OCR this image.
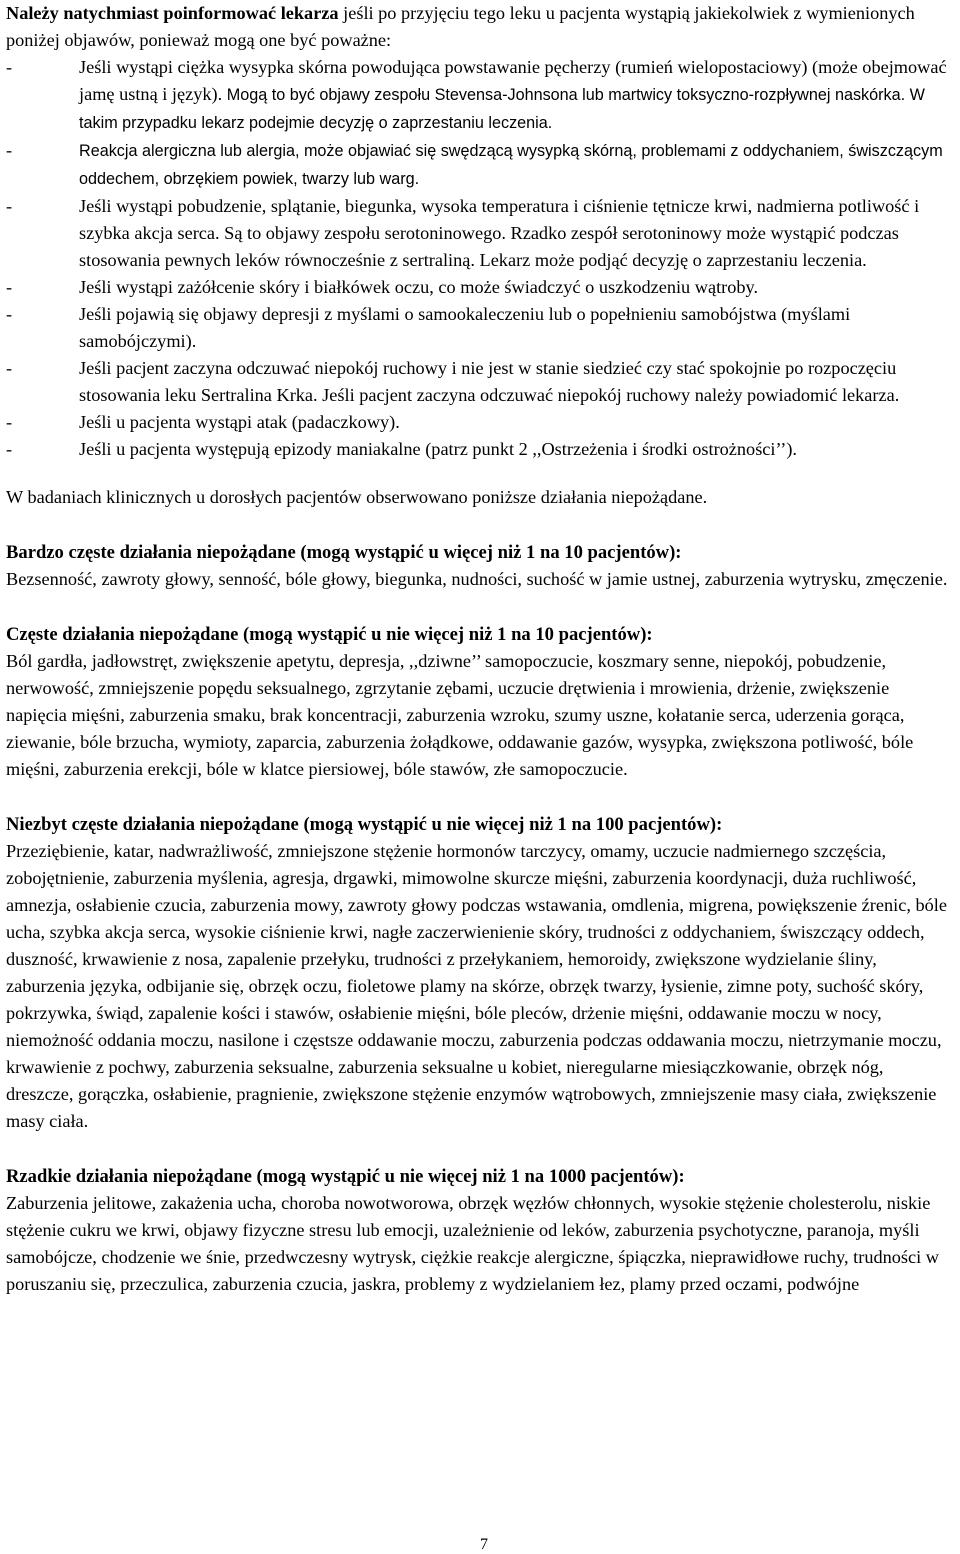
Należy natychmiast poinformować lekarza jeśli po przyjęciu tego leku u pacjenta wystąpią jakiekolwiek z wymienionych poniżej objawów, ponieważ mogą one być poważne:

-	Jeśli wystąpi ciężka wysypka skórna powodująca powstawanie pęcherzy (rumień wielopostaciowy) (może obejmować jamę ustną i język). Mogą to być objawy zespołu Stevensa-Johnsona lub martwicy toksyczno-rozpływnej naskórka. W takim przypadku lekarz podejmie decyzję o zaprzestaniu leczenia.
-	Reakcja alergiczna lub alergia, może objawiać się swędzącą wysypką skórną, problemami z oddychaniem, świszczącym oddechem, obrzękiem powiek, twarzy lub warg.
-	Jeśli wystąpi pobudzenie, splątanie, biegunka, wysoka temperatura i ciśnienie tętnicze krwi, nadmierna potliwość i szybka akcja serca. Są to objawy zespołu serotoninowego. Rzadko zespół serotoninowy może wystąpić podczas stosowania pewnych leków równocześnie z sertraliną. Lekarz może podjąć decyzję o zaprzestaniu leczenia.
-	Jeśli wystąpi zażółcenie skóry i białkówek oczu, co może świadczyć o uszkodzeniu wątroby.
-	Jeśli pojawią się objawy depresji z myślami o samookaleczeniu lub o popełnieniu samobójstwa (myślami samobójczymi).
-	Jeśli pacjent zaczyna odczuwać niepokój ruchowy i nie jest w stanie siedzieć czy stać spokojnie po rozpoczęciu stosowania leku Sertralina Krka. Jeśli pacjent zaczyna odczuwać niepokój ruchowy należy powiadomić lekarza.
-	Jeśli u pacjenta wystąpi atak (padaczkowy).
-	Jeśli u pacjenta występują epizody maniakalne (patrz punkt 2 ,,Ostrzeżenia i środki ostrożności’’).

W badaniach klinicznych u dorosłych pacjentów obserwowano poniższe działania niepożądane.

Bardzo częste działania niepożądane (mogą wystąpić u więcej niż 1 na 10 pacjentów):

Bezsenność, zawroty głowy, senność, bóle głowy, biegunka, nudności, suchość w jamie ustnej, zaburzenia wytrysku, zmęczenie.

Częste działania niepożądane (mogą wystąpić u nie więcej niż 1 na 10 pacjentów):

Ból gardła, jadłowstręt, zwiększenie apetytu, depresja, ,,dziwne’’ samopoczucie, koszmary senne, niepokój, pobudzenie, nerwowość, zmniejszenie popędu seksualnego, zgrzytanie zębami, uczucie drętwienia i mrowienia, drżenie, zwiększenie napięcia mięśni, zaburzenia smaku, brak koncentracji, zaburzenia wzroku, szumy uszne, kołatanie serca, uderzenia gorąca, ziewanie, bóle brzucha, wymioty, zaparcia, zaburzenia żołądkowe, oddawanie gazów, wysypka, zwiększona potliwość, bóle mięśni, zaburzenia erekcji, bóle w klatce piersiowej, bóle stawów, złe samopoczucie.

Niezbyt częste działania niepożądane (mogą wystąpić u nie więcej niż 1 na 100 pacjentów):

Przeziębienie, katar, nadwrażliwość, zmniejszone stężenie hormonów tarczycy, omamy, uczucie nadmiernego szczęścia, zobojętnienie, zaburzenia myślenia, agresja, drgawki, mimowolne skurcze mięśni, zaburzenia koordynacji, duża ruchliwość, amnezja, osłabienie czucia, zaburzenia mowy, zawroty głowy podczas wstawania, omdlenia, migrena, powiększenie źrenic, bóle ucha, szybka akcja serca, wysokie ciśnienie krwi, nagłe zaczerwienienie skóry, trudności z oddychaniem, świszczący oddech, duszność, krwawienie z nosa, zapalenie przełyku, trudności z przełykaniem, hemoroidy, zwiększone wydzielanie śliny, zaburzenia języka, odbijanie się, obrzęk oczu, fioletowe plamy na skórze, obrzęk twarzy, łysienie, zimne poty, suchość skóry, pokrzywka, świąd, zapalenie kości i stawów, osłabienie mięśni, bóle pleców, drżenie mięśni, oddawanie moczu w nocy, niemożność oddania moczu, nasilone i częstsze oddawanie moczu, zaburzenia podczas oddawania moczu, nietrzymanie moczu, krwawienie z pochwy, zaburzenia seksualne, zaburzenia seksualne u kobiet, nieregularne miesiączkowanie, obrzęk nóg, dreszcze, gorączka, osłabienie, pragnienie, zwiększone stężenie enzymów wątrobowych, zmniejszenie masy ciała, zwiększenie masy ciała.

Rzadkie działania niepożądane (mogą wystąpić u nie więcej niż 1 na 1000 pacjentów):

Zaburzenia jelitowe, zakażenia ucha, choroba nowotworowa, obrzęk węzłów chłonnych, wysokie stężenie cholesterolu, niskie stężenie cukru we krwi, objawy fizyczne stresu lub emocji, uzależnienie od leków, zaburzenia psychotyczne, paranoja, myśli samobójcze, chodzenie we śnie, przedwczesny wytrysk, ciężkie reakcje alergiczne, śpiączka, nieprawidłowe ruchy, trudności w poruszaniu się, przeczulica, zaburzenia czucia, jaskra, problemy z wydzielaniem łez, plamy przed oczami, podwójne

7
